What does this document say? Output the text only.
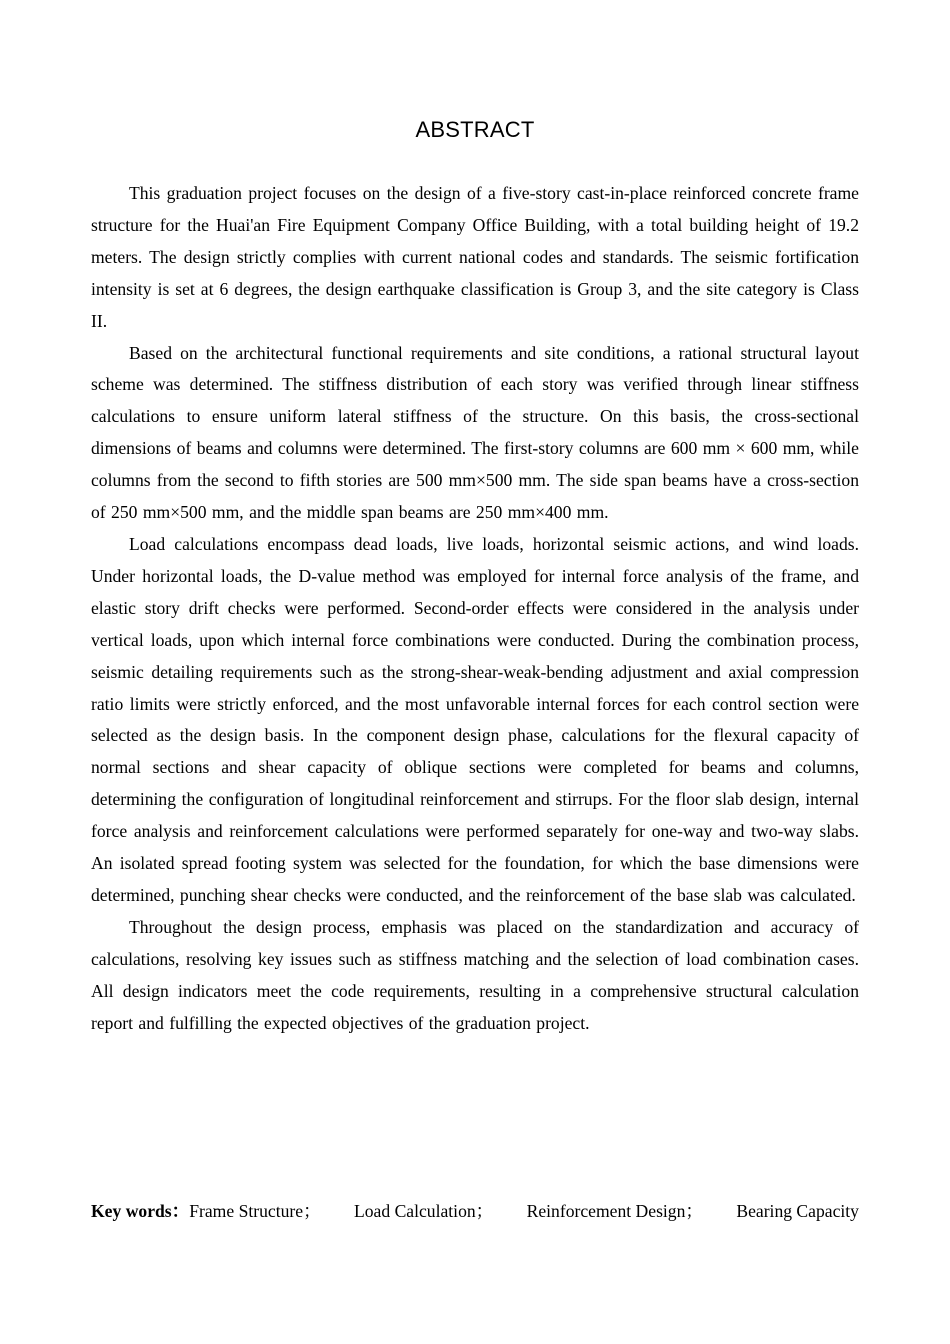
ABSTRACT

This graduation project focuses on the design of a five-story cast-in-place reinforced concrete frame structure for the Huai'an Fire Equipment Company Office Building, with a total building height of 19.2 meters. The design strictly complies with current national codes and standards. The seismic fortification intensity is set at 6 degrees, the design earthquake classification is Group 3, and the site category is Class II.

Based on the architectural functional requirements and site conditions, a rational structural layout scheme was determined. The stiffness distribution of each story was verified through linear stiffness calculations to ensure uniform lateral stiffness of the structure. On this basis, the cross-sectional dimensions of beams and columns were determined. The first-story columns are 600 mm × 600 mm, while columns from the second to fifth stories are 500 mm×500 mm. The side span beams have a cross-section of 250 mm×500 mm, and the middle span beams are 250 mm×400 mm.

Load calculations encompass dead loads, live loads, horizontal seismic actions, and wind loads. Under horizontal loads, the D-value method was employed for internal force analysis of the frame, and elastic story drift checks were performed. Second-order effects were considered in the analysis under vertical loads, upon which internal force combinations were conducted. During the combination process, seismic detailing requirements such as the strong-shear-weak-bending adjustment and axial compression ratio limits were strictly enforced, and the most unfavorable internal forces for each control section were selected as the design basis. In the component design phase, calculations for the flexural capacity of normal sections and shear capacity of oblique sections were completed for beams and columns, determining the configuration of longitudinal reinforcement and stirrups. For the floor slab design, internal force analysis and reinforcement calculations were performed separately for one-way and two-way slabs. An isolated spread footing system was selected for the foundation, for which the base dimensions were determined, punching shear checks were conducted, and the reinforcement of the base slab was calculated.

Throughout the design process, emphasis was placed on the standardization and accuracy of calculations, resolving key issues such as stiffness matching and the selection of load combination cases. All design indicators meet the code requirements, resulting in a comprehensive structural calculation report and fulfilling the expected objectives of the graduation project.

Key words：Frame Structure； Load Calculation； Reinforcement Design； Bearing Capacity
